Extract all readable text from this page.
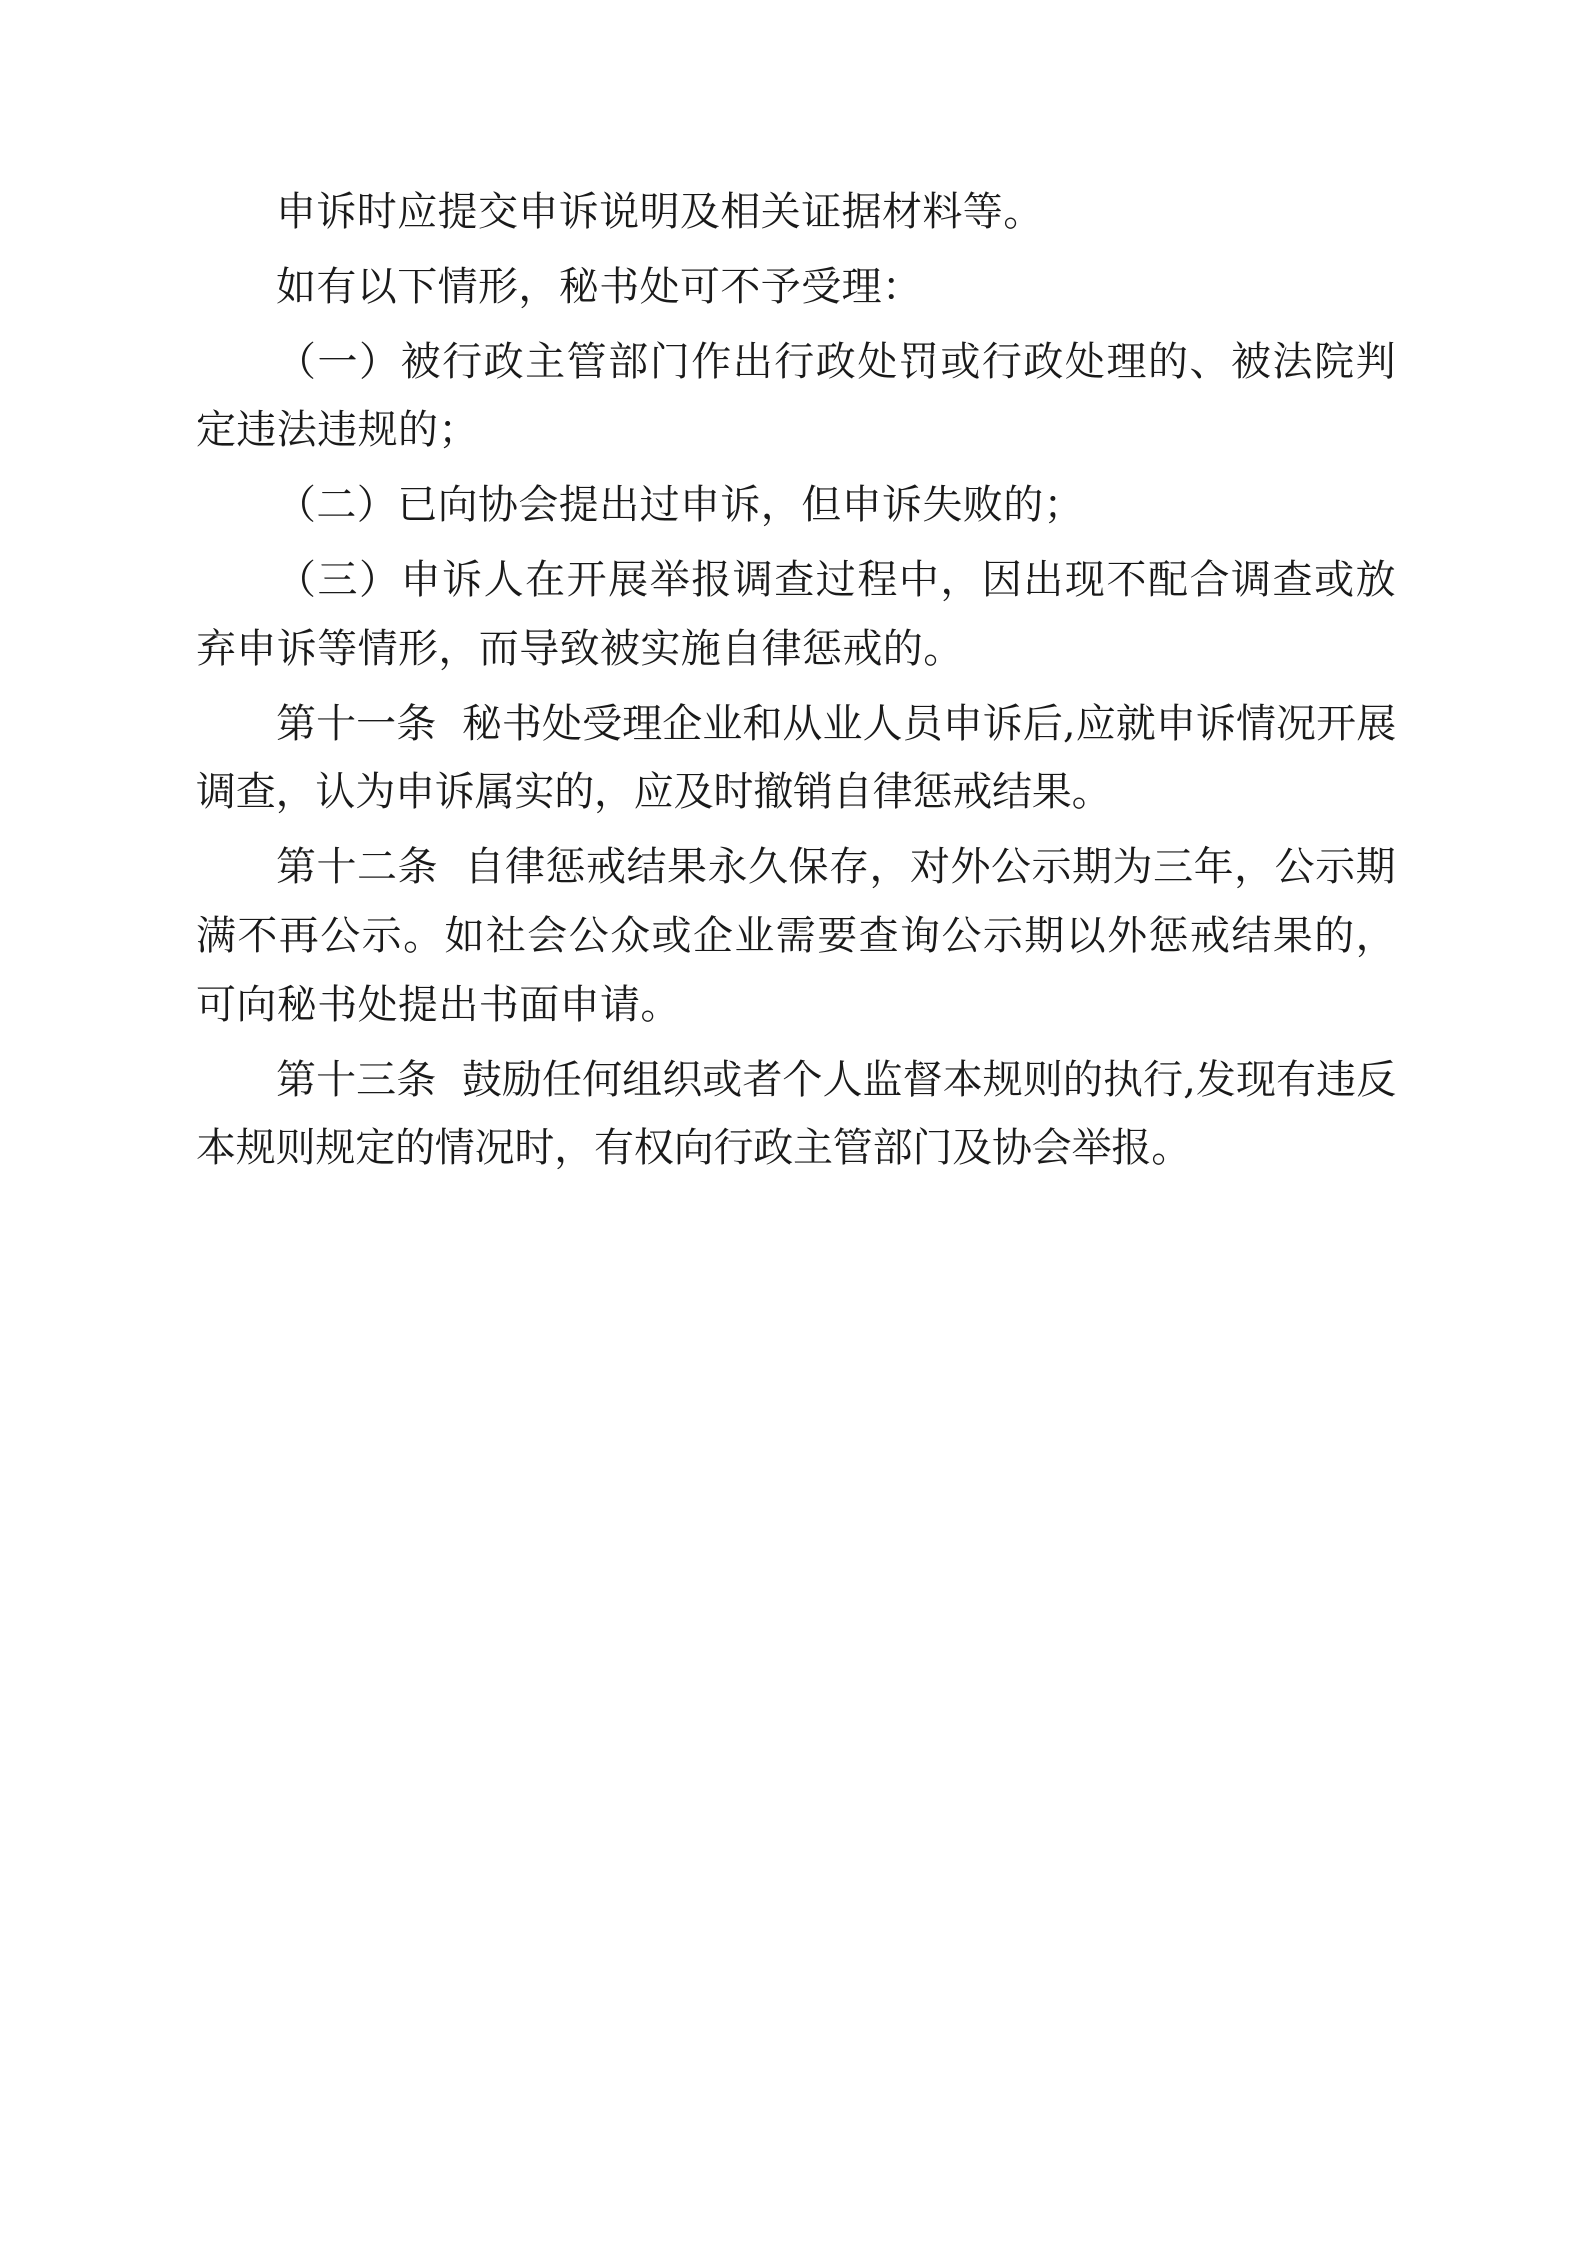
申诉时应提交申诉说明及相关证据材料等。

如有以下情形，秘书处可不予受理：

（一）被行政主管部门作出行政处罚或行政处理的、被法院判定违法违规的；

（二）已向协会提出过申诉，但申诉失败的；

（三）申诉人在开展举报调查过程中，因出现不配合调查或放弃申诉等情形，而导致被实施自律惩戒的。

第十一条  秘书处受理企业和从业人员申诉后,应就申诉情况开展调查，认为申诉属实的，应及时撤销自律惩戒结果。

第十二条  自律惩戒结果永久保存，对外公示期为三年，公示期满不再公示。如社会公众或企业需要查询公示期以外惩戒结果的，可向秘书处提出书面申请。

第十三条  鼓励任何组织或者个人监督本规则的执行,发现有违反本规则规定的情况时，有权向行政主管部门及协会举报。
